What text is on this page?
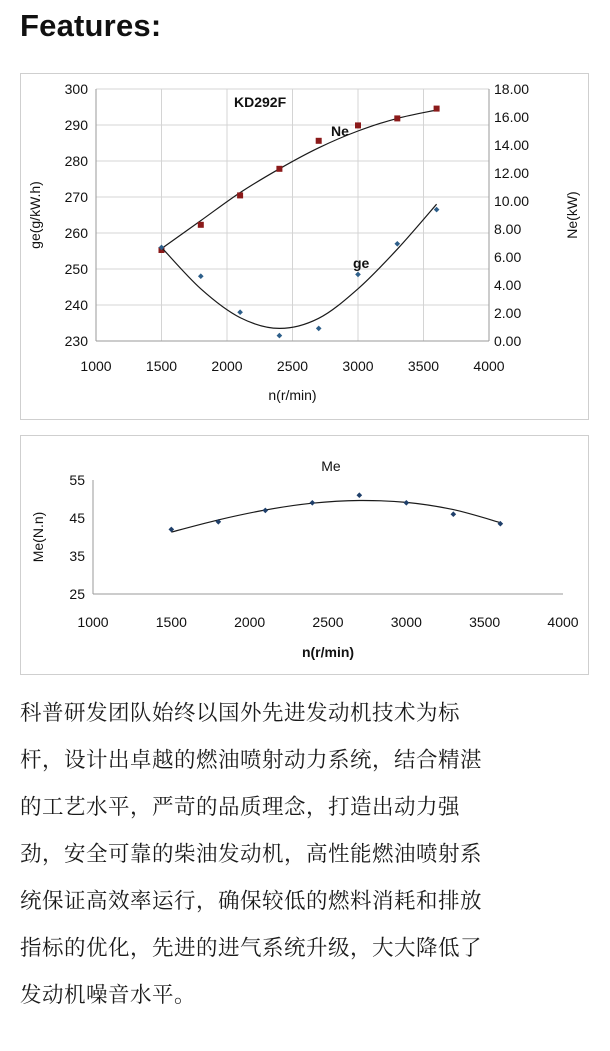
Features:
230
240
250
260
270
280
290
300
0.00
2.00
4.00
6.00
8.00
10.00
12.00
14.00
16.00
18.00
1000 1500 2000 2500 3000 3500 4000
n(r/min)
ge(g/kW.h)	Ne(kW)
KD292F
Ne
ge
25
35
45
55
1000	1500	2000	2500	3000	3500	4000
n(r/min)
Me(N.n)
Me
科普研发团队始终以国外先进发动机技术为标
杆，设计出卓越的燃油喷射动力系统，结合精湛
的工艺水平，严苛的品质理念，打造出动力强
劲，安全可靠的柴油发动机，高性能燃油喷射系
统保证高效率运行，确保较低的燃料消耗和排放
指标的优化，先进的进气系统升级，大大降低了
发动机噪音水平。
